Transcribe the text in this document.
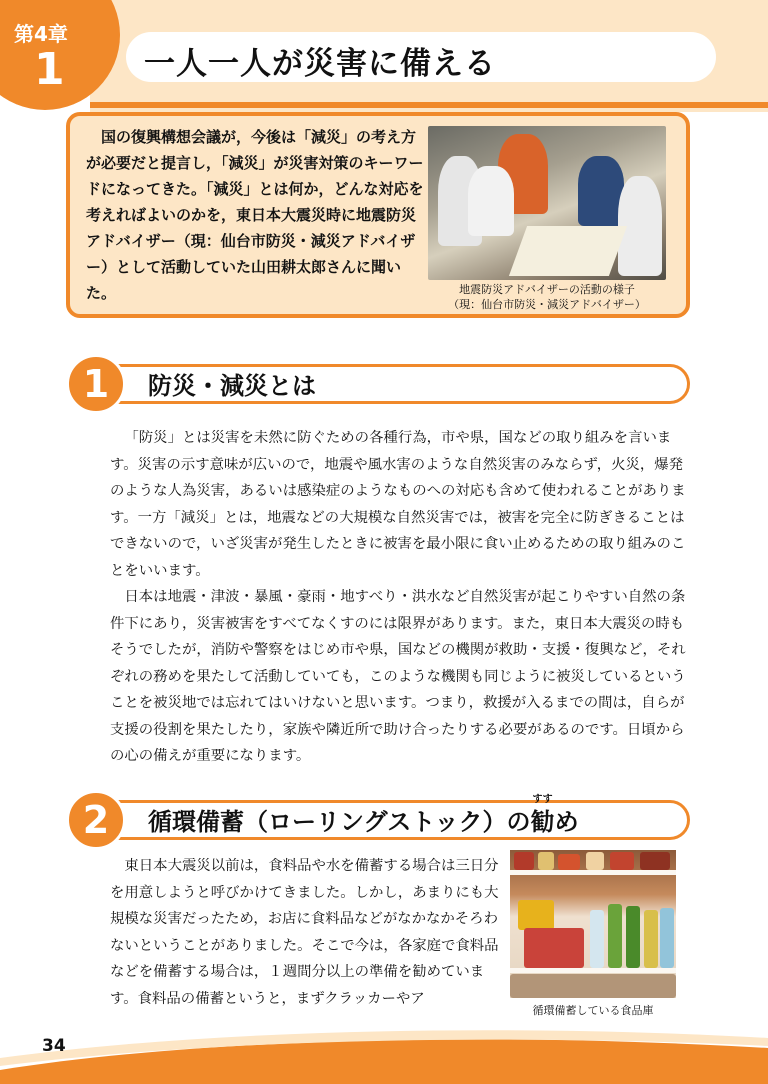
第4章
1	一人一人が災害に備える
国の復興構想会議が，今後は「減災」の考え方が必要だと提言し，「減災」が災害対策のキーワードになってきた。「減災」とは何か，どんな対応を考えればよいのかを，東日本大震災時に地震防災アドバイザー（現：仙台市防災・減災アドバイザー）として活動していた山田耕太郎さんに聞いた。	地震防災アドバイザーの活動の様子
（現：仙台市防災・減災アドバイザー）
1	防災・減災とは

「防災」とは災害を未然に防ぐための各種行為，市や県，国などの取り組みを言います。災害の示す意味が広いので，地震や風水害のような自然災害のみならず，火災，爆発のような人為災害，あるいは感染症のようなものへの対応も含めて使われることがあります。一方「減災」とは，地震などの大規模な自然災害では，被害を完全に防ぎきることはできないので，いざ災害が発生したときに被害を最小限に食い止めるための取り組みのことをいいます。

日本は地震・津波・暴風・豪雨・地すべり・洪水など自然災害が起こりやすい自然の条件下にあり，災害被害をすべてなくすのには限界があります。また，東日本大震災の時もそうでしたが，消防や警察をはじめ市や県，国などの機関が救助・支援・復興など，それぞれの務めを果たして活動していても，このような機関も同じように被災しているということを被災地では忘れてはいけないと思います。つまり，救援が入るまでの間は，自らが支援の役割を果たしたり，家族や隣近所で助け合ったりする必要があるのです。日頃からの心の備えが重要になります。

2	循環備蓄（ローリングストック）の
すす
勧め

東日本大震災以前は，食料品や水を備蓄する場合は三日分を用意しようと呼びかけてきました。しかし，あまりにも大規模な災害だったため，お店に食料品などがなかなかそろわないということがありました。そこで今は，各家庭で食料品などを備蓄する場合は，１週間分以上の準備を勧めています。食料品の備蓄というと，まずクラッカーやア

循環備蓄している食品庫
34
